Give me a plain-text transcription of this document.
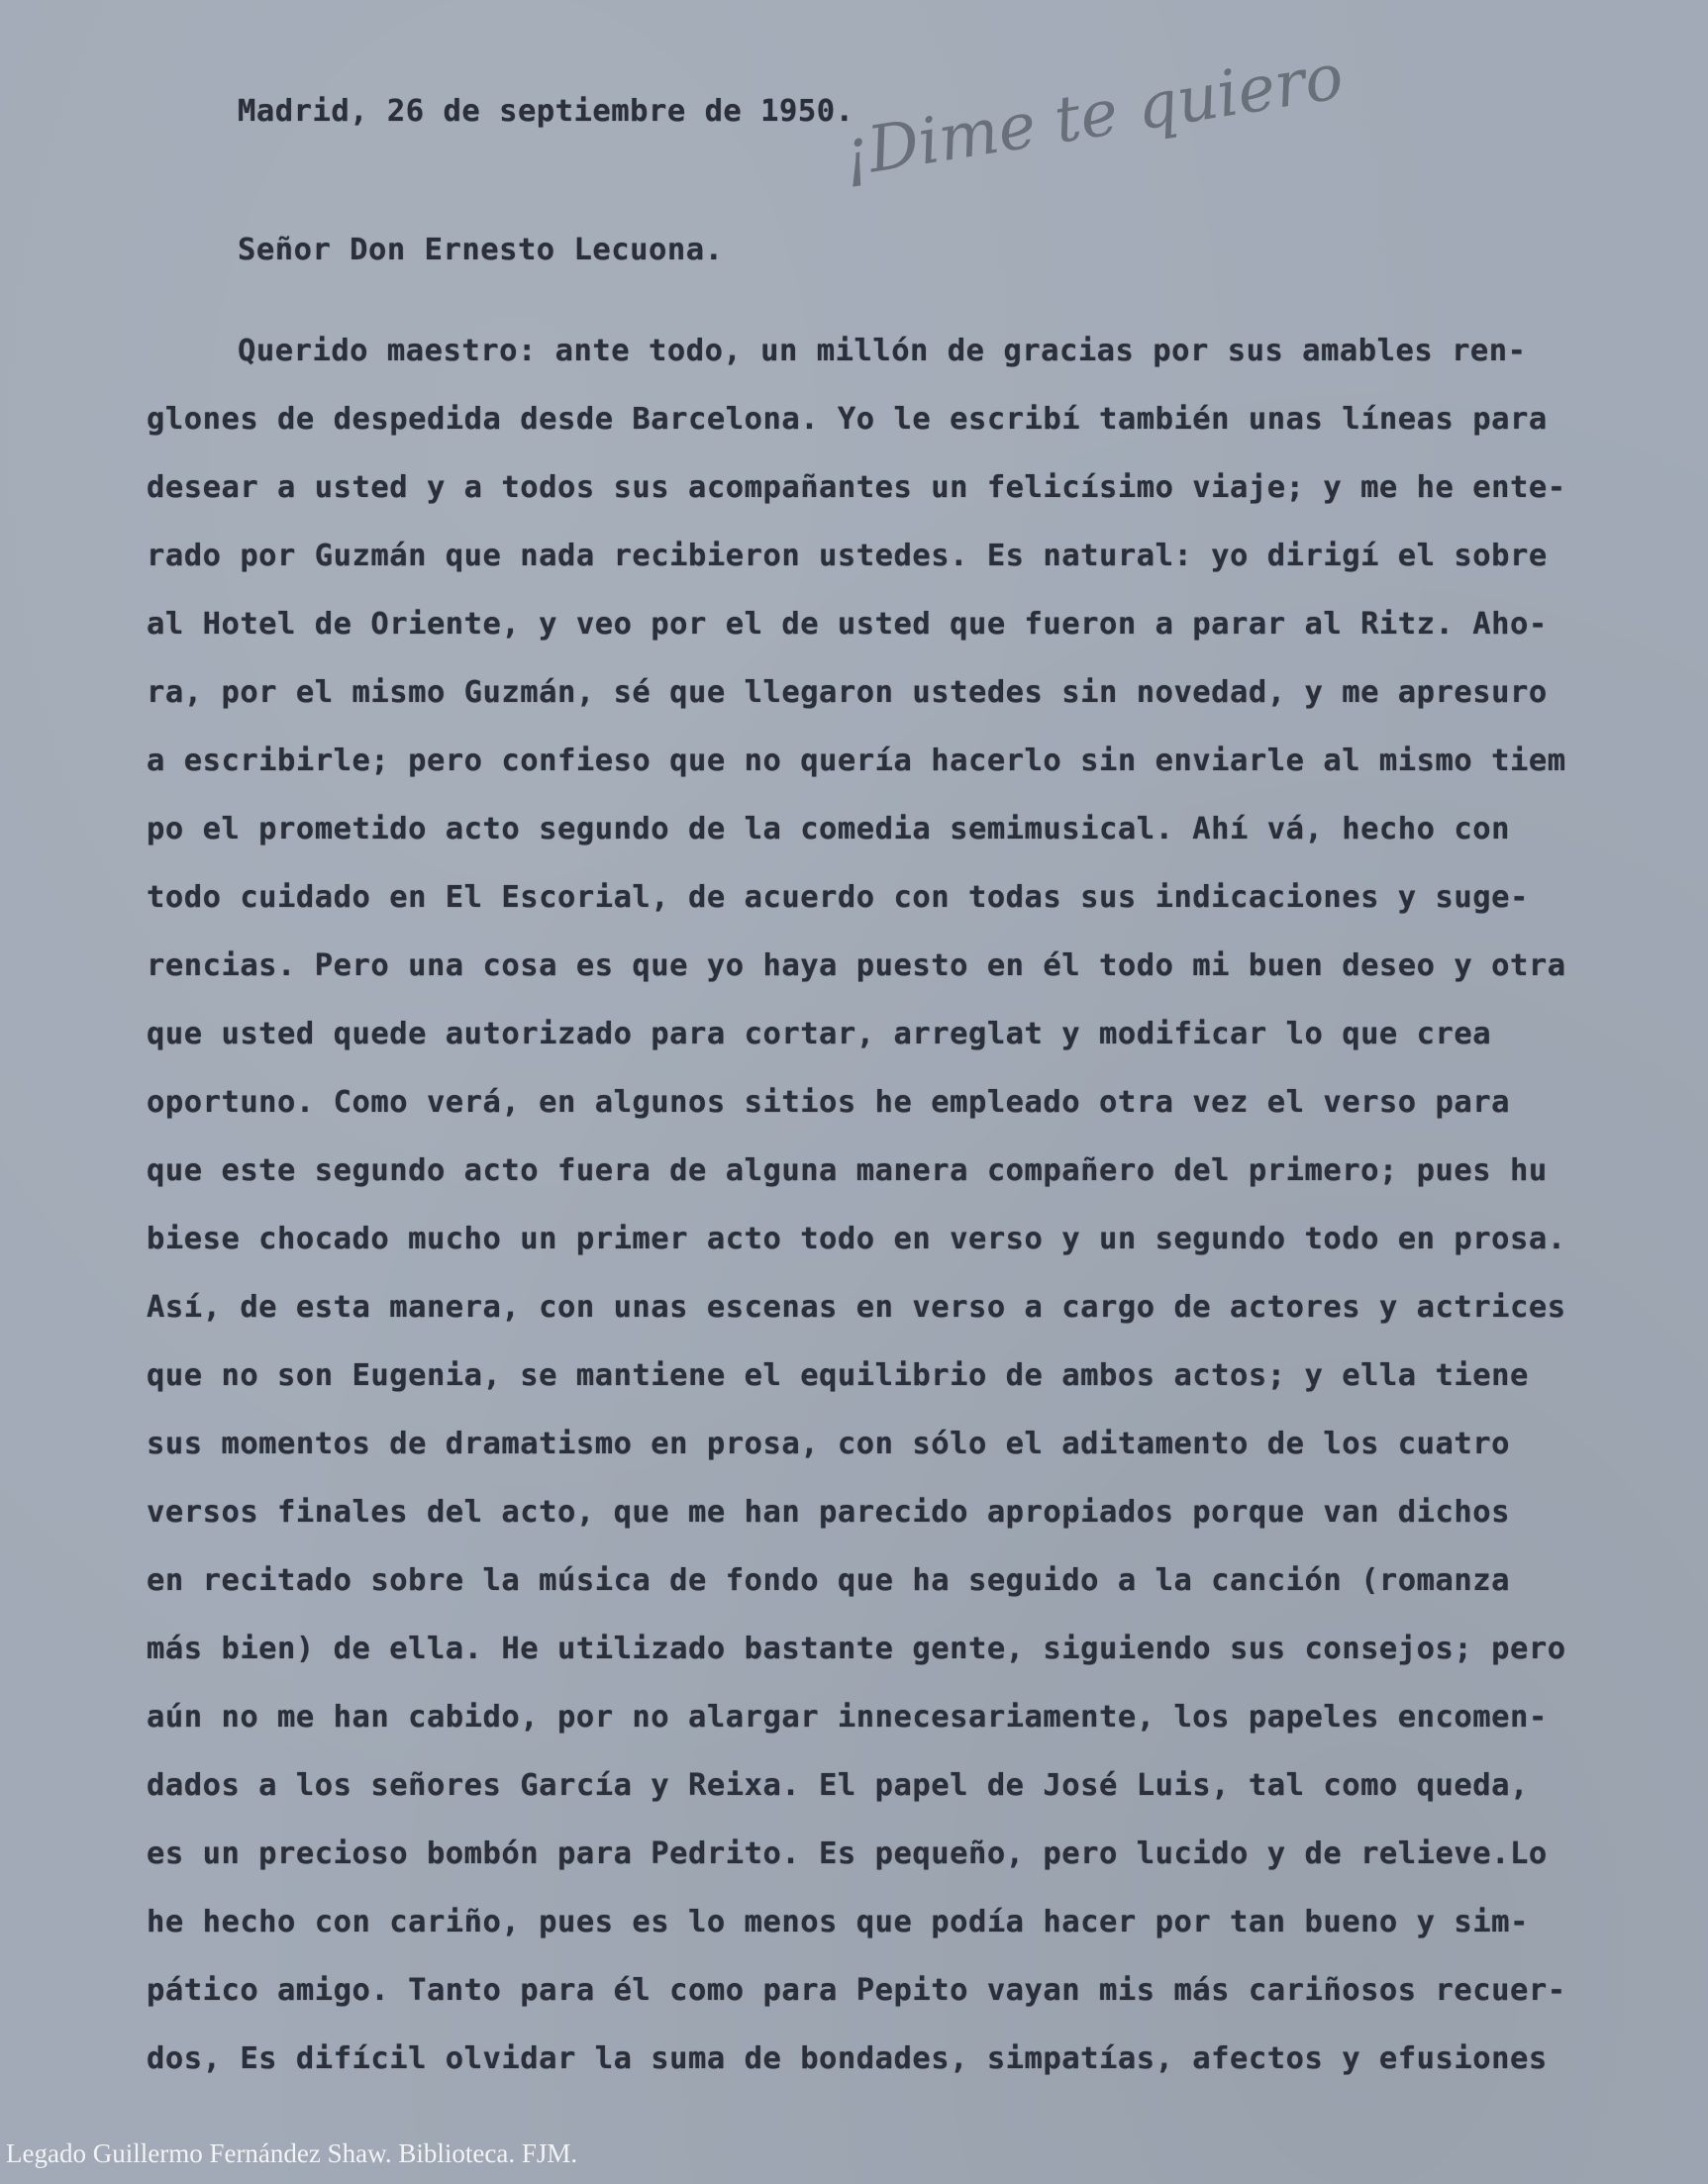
Madrid, 26 de septiembre de 1950.
¡Dime te quiero
Señor Don Ernesto Lecuona.
Querido maestro: ante todo, un millón de gracias por sus amables ren-
glones de despedida desde Barcelona. Yo le escribí también unas líneas para
desear a usted y a todos sus acompañantes un felicísimo viaje; y me he ente-
rado por Guzmán que nada recibieron ustedes. Es natural: yo dirigí el sobre
al Hotel de Oriente, y veo por el de usted que fueron a parar al Ritz. Aho-
ra, por el mismo Guzmán, sé que llegaron ustedes sin novedad, y me apresuro
a escribirle; pero confieso que no quería hacerlo sin enviarle al mismo tiem
po el prometido acto segundo de la comedia semimusical. Ahí vá, hecho con
todo cuidado en El Escorial, de acuerdo con todas sus indicaciones y suge-
rencias. Pero una cosa es que yo haya puesto en él todo mi buen deseo y otra
que usted quede autorizado para cortar, arreglat y modificar lo que crea
oportuno. Como verá, en algunos sitios he empleado otra vez el verso para
que este segundo acto fuera de alguna manera compañero del primero; pues hu
biese chocado mucho un primer acto todo en verso y un segundo todo en prosa.
Así, de esta manera, con unas escenas en verso a cargo de actores y actrices
que no son Eugenia, se mantiene el equilibrio de ambos actos; y ella tiene
sus momentos de dramatismo en prosa, con sólo el aditamento de los cuatro
versos finales del acto, que me han parecido apropiados porque van dichos
en recitado sobre la música de fondo que ha seguido a la canción (romanza
más bien) de ella. He utilizado bastante gente, siguiendo sus consejos; pero
aún no me han cabido, por no alargar innecesariamente, los papeles encomen-
dados a los señores García y Reixa. El papel de José Luis, tal como queda,
es un precioso bombón para Pedrito. Es pequeño, pero lucido y de relieve.Lo
he hecho con cariño, pues es lo menos que podía hacer por tan bueno y sim-
pático amigo. Tanto para él como para Pepito vayan mis más cariñosos recuer-
dos, Es difícil olvidar la suma de bondades, simpatías, afectos y efusiones
Legado Guillermo Fernández Shaw. Biblioteca. FJM.
